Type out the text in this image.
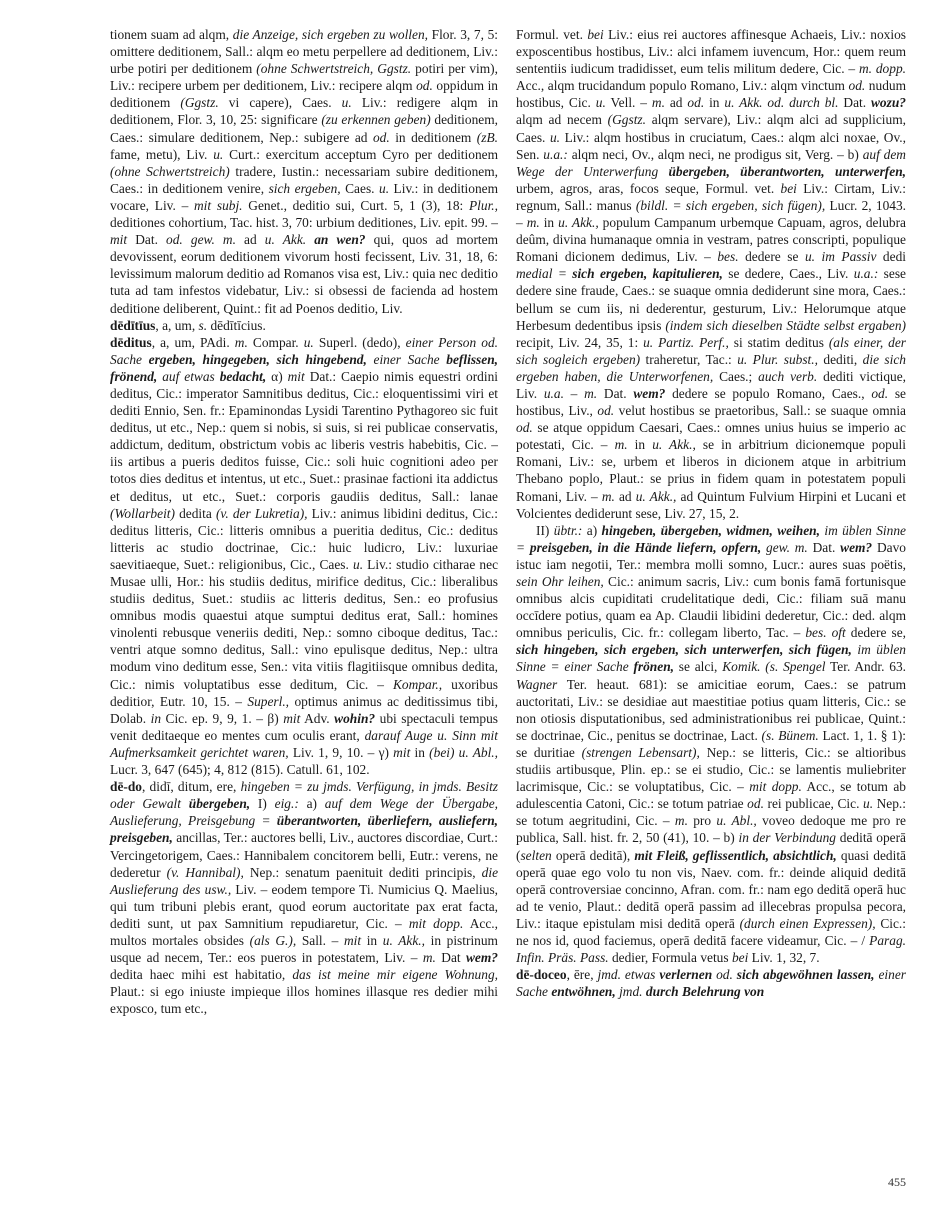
tionem suam ad alqm, die Anzeige, sich ergeben zu wollen, Flor. 3, 7, 5: omittere deditionem, Sall.: alqm eo metu perpellere ad deditionem, Liv.: urbe potiri per deditionem (ohne Schwertstreich, Ggstz. potiri per vim), Liv.: recipere urbem per deditionem, Liv.: recipere alqm od. oppidum in deditionem (Ggstz. vi capere), Caes. u. Liv.: redigere alqm in deditionem, Flor. 3, 10, 25: significare (zu erkennen geben) deditionem, Caes.: simulare deditionem, Nep.: subigere ad od. in deditionem (zB. fame, metu), Liv. u. Curt.: exercitum acceptum Cyro per deditionem (ohne Schwertstreich) tradere, Iustin.: necessariam subire deditionem, Caes.: in deditionem venire, sich ergeben, Caes. u. Liv.: in deditionem vocare, Liv. – mit subj. Genet., deditio sui, Curt. 5, 1 (3), 18: Plur., deditiones cohortium, Tac. hist. 3, 70: urbium deditiones, Liv. epit. 99. – mit Dat. od. gew. m. ad u. Akk. an wen? qui, quos ad mortem devovissent, eorum deditionem vivorum hosti fecissent, Liv. 31, 18, 6: levissimum malorum deditio ad Romanos visa est, Liv.: quia nec deditio tuta ad tam infestos videbatur, Liv.: si obsessi de facienda ad hostem deditione deliberent, Quint.: fit ad Poenos deditio, Liv.

dēdītīus, a, um, s. dēdītīcius.

dēditus, a, um, PAdi. m. Compar. u. Superl. (dedo), einer Person od. Sache ergeben, hingegeben, sich hingebend, einer Sache beflissen, frönend, auf etwas bedacht, α) mit Dat.: Caepio nimis equestri ordini deditus, Cic.: imperator Samnitibus deditus, Cic.: eloquentissimi viri et dediti Ennio, Sen. fr.: Epaminondas Lysidi Tarentino Pythagoreo sic fuit deditus, ut etc., Nep.: quem si nobis, si suis, si rei publicae conservatis, addictum, deditum, obstrictum vobis ac liberis vestris habebitis, Cic. – iis artibus a pueris deditos fuisse, Cic.: soli huic cognitioni adeo per totos dies deditus et intentus, ut etc., Suet.: prasinae factioni ita addictus et deditus, ut etc., Suet.: corporis gaudiis deditus, Sall.: lanae (Wollarbeit) dedita (v. der Lukretia), Liv.: animus libidini deditus, Cic.: deditus litteris, Cic.: litteris omnibus a pueritia deditus, Cic.: deditus litteris ac studio doctrinae, Cic.: huic ludicro, Liv.: luxuriae saevitiaeque, Suet.: religionibus, Cic., Caes. u. Liv.: studio citharae nec Musae ulli, Hor.: his studiis deditus, mirifice deditus, Cic.: liberalibus studiis deditus, Suet.: studiis ac litteris deditus, Sen.: eo profusius omnibus modis quaestui atque sumptui deditus erat, Sall.: homines vinolenti rebusque veneriis dediti, Nep.: somno ciboque deditus, Tac.: ventri atque somno deditus, Sall.: vino epulisque deditus, Nep.: ultra modum vino deditum esse, Sen.: vita vitiis flagitiisque omnibus dedita, Cic.: nimis voluptatibus esse deditum, Cic. – Kompar., uxoribus deditior, Eutr. 10, 15. – Superl., optimus animus ac deditissimus tibi, Dolab. in Cic. ep. 9, 9, 1. – β) mit Adv. wohin? ubi spectaculi tempus venit deditaeque eo mentes cum oculis erant, darauf Auge u. Sinn mit Aufmerksamkeit gerichtet waren, Liv. 1, 9, 10. – γ) mit in (bei) u. Abl., Lucr. 3, 647 (645); 4, 812 (815). Catull. 61, 102.

dē-do, didī, ditum, ere, hingeben = zu jmds. Verfügung, in jmds. Besitz oder Gewalt übergeben, I) eig.: a) auf dem Wege der Übergabe, Auslieferung, Preisgebung = überantworten, überliefern, ausliefern, preisgeben, ancillas, Ter.: auctores belli, Liv., auctores discordiae, Curt.: Vercingetorigem, Caes.: Hannibalem concitorem belli, Eutr.: verens, ne dederetur (v. Hannibal), Nep.: senatum paenituit dediti principis, die Auslieferung des usw., Liv. – eodem tempore Ti. Numicius Q. Maelius, qui tum tribuni plebis erant, quod eorum auctoritate pax erat facta, dediti sunt, ut pax Samnitium repudiaretur, Cic. – mit dopp. Acc., multos mortales obsides (als G.), Sall. – mit in u. Akk., in pistrinum usque ad necem, Ter.: eos pueros in potestatem, Liv. – m. Dat wem? dedita haec mihi est habitatio, das ist meine mir eigene Wohnung, Plaut.: si ego iniuste impieque illos homines illasque res dedier mihi exposco, tum etc.,

Formul. vet. bei Liv.: eius rei auctores affinesque Achaeis, Liv.: noxios exposcentibus hostibus, Liv.: alci infamem iuvencum, Hor.: quem reum sententiis iudicum tradidisset, eum telis militum dedere, Cic. – m. dopp. Acc., alqm trucidandum populo Romano, Liv.: alqm vinctum od. nudum hostibus, Cic. u. Vell. – m. ad od. in u. Akk. od. durch bl. Dat. wozu? alqm ad necem (Ggstz. alqm servare), Liv.: alqm alci ad supplicium, Caes. u. Liv.: alqm hostibus in cruciatum, Caes.: alqm alci noxae, Ov., Sen. u.a.: alqm neci, Ov., alqm neci, ne prodigus sit, Verg. – b) auf dem Wege der Unterwerfung übergeben, überantworten, unterwerfen, urbem, agros, aras, focos seque, Formul. vet. bei Liv.: Cirtam, Liv.: regnum, Sall.: manus (bildl. = sich ergeben, sich fügen), Lucr. 2, 1043. – m. in u. Akk., populum Campanum urbemque Capuam, agros, delubra deûm, divina humanaque omnia in vestram, patres conscripti, populique Romani dicionem dedimus, Liv. – bes. dedere se u. im Passiv dedi medial = sich ergeben, kapitulieren, se dedere, Caes., Liv. u.a.: sese dedere sine fraude, Caes.: se suaque omnia dediderunt sine mora, Caes.: bellum se cum iis, ni dederentur, gesturum, Liv.: Helorumque atque Herbesum dedentibus ipsis (indem sich dieselben Städte selbst ergaben) recipit, Liv. 24, 35, 1: u. Partiz. Perf., si statim deditus (als einer, der sich sogleich ergeben) traheretur, Tac.: u. Plur. subst., dediti, die sich ergeben haben, die Unterworfenen, Caes.; auch verb. dediti victique, Liv. u.a. – m. Dat. wem? dedere se populo Romano, Caes., od. se hostibus, Liv., od. velut hostibus se praetoribus, Sall.: se suaque omnia od. se atque oppidum Caesari, Caes.: omnes unius huius se imperio ac potestati, Cic. – m. in u. Akk., se in arbitrium dicionemque populi Romani, Liv.: se, urbem et liberos in dicionem atque in arbitrium Thebano poplo, Plaut.: se prius in fidem quam in potestatem populi Romani, Liv. – m. ad u. Akk., ad Quintum Fulvium Hirpini et Lucani et Volcientes dediderunt sese, Liv. 27, 15, 2.

II) übtr.: a) hingeben, übergeben, widmen, weihen, im üblen Sinne = preisgeben, in die Hände liefern, opfern, gew. m. Dat. wem? Davo istuc iam negotii, Ter.: membra molli somno, Lucr.: aures suas poëtis, sein Ohr leihen, Cic.: animum sacris, Liv.: cum bonis famā fortunisque omnibus alcis cupiditati crudelitatique dedi, Cic.: filiam suā manu occīdere potius, quam ea Ap. Claudii libidini dederetur, Cic.: ded. alqm omnibus periculis, Cic. fr.: collegam liberto, Tac. – bes. oft dedere se, sich hingeben, sich ergeben, sich unterwerfen, sich fügen, im üblen Sinne = einer Sache frönen, se alci, Komik. (s. Spengel Ter. Andr. 63. Wagner Ter. heaut. 681): se amicitiae eorum, Caes.: se patrum auctoritati, Liv.: se desidiae aut maestitiae potius quam litteris, Cic.: se non otiosis disputationibus, sed administrationibus rei publicae, Quint.: se doctrinae, Cic., penitus se doctrinae, Lact. (s. Bünem. Lact. 1, 1. § 1): se duritiae (strengen Lebensart), Nep.: se litteris, Cic.: se altioribus studiis artibusque, Plin. ep.: se ei studio, Cic.: se lamentis muliebriter lacrimisque, Cic.: se voluptatibus, Cic. – mit dopp. Acc., se totum ab adulescentia Catoni, Cic.: se totum patriae od. rei publicae, Cic. u. Nep.: se totum aegritudini, Cic. – m. pro u. Abl., voveo dedoque me pro re publica, Sall. hist. fr. 2, 50 (41), 10. – b) in der Verbindung deditā operā (selten operā deditā), mit Fleiß, geflissentlich, absichtlich, quasi deditā operā quae ego volo tu non vis, Naev. com. fr.: deinde aliquid deditā operā controversiae concinno, Afran. com. fr.: nam ego deditā operā huc ad te venio, Plaut.: deditā operā passim ad illecebras propulsa pecora, Liv.: itaque epistulam misi deditā operā (durch einen Expressen), Cic.: ne nos id, quod faciemus, operā deditā facere videamur, Cic. – / Parag. Infin. Präs. Pass. dedier, Formula vetus bei Liv. 1, 32, 7.

dē-doceo, ēre, jmd. etwas verlernen od. sich abgewöhnen lassen, einer Sache entwöhnen, jmd. durch Belehrung von

455
